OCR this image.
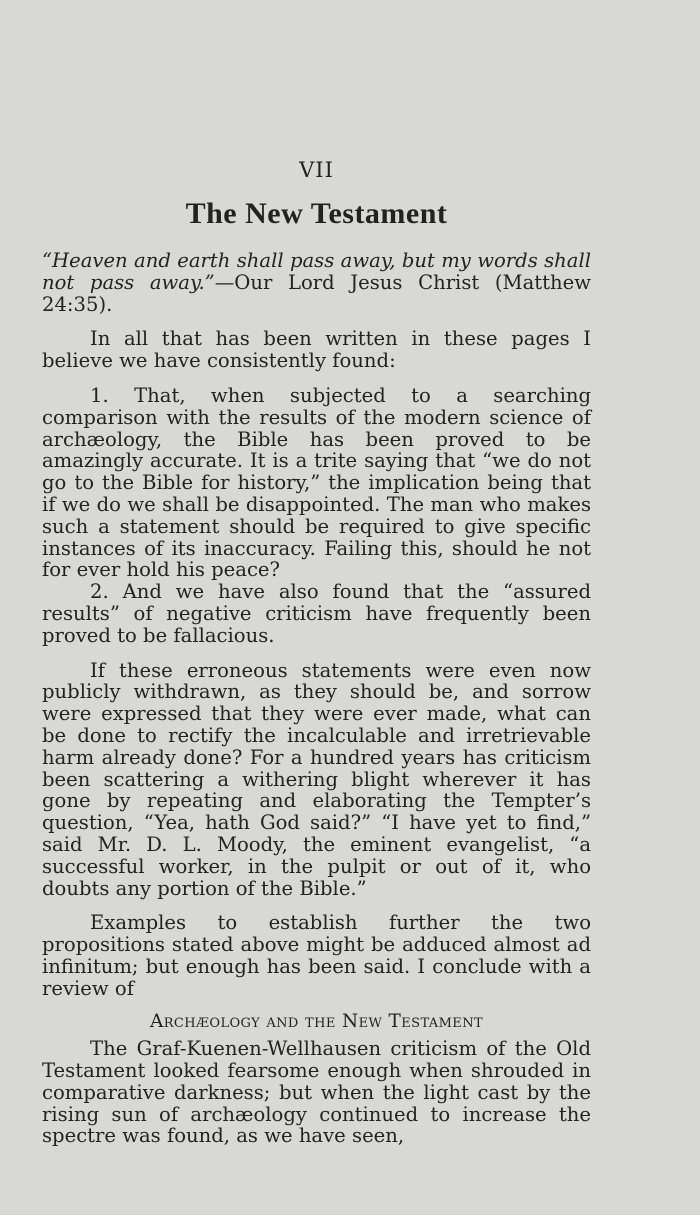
VII
The New Testament

“Heaven and earth shall pass away, but my words shall not pass away.”—Our Lord Jesus Christ (Matthew 24:35).

In all that has been written in these pages I believe we have consistently found:

1. That, when subjected to a searching comparison with the results of the modern science of archæology, the Bible has been proved to be amazingly accurate. It is a trite saying that “we do not go to the Bible for history,” the implication being that if we do we shall be disappointed. The man who makes such a statement should be required to give specific instances of its inaccuracy. Failing this, should he not for ever hold his peace?

2. And we have also found that the “assured results” of negative criticism have frequently been proved to be fallacious.

If these erroneous statements were even now publicly withdrawn, as they should be, and sorrow were expressed that they were ever made, what can be done to rectify the incalculable and irretrievable harm already done? For a hundred years has criticism been scattering a withering blight wherever it has gone by repeating and elaborating the Tempter’s question, “Yea, hath God said?” “I have yet to find,” said Mr. D. L. Moody, the eminent evangelist, “a successful worker, in the pulpit or out of it, who doubts any portion of the Bible.”

Examples to establish further the two propositions stated above might be adduced almost ad infinitum; but enough has been said. I conclude with a review of

Archæology and the New Testament

The Graf-Kuenen-Wellhausen criticism of the Old Testament looked fearsome enough when shrouded in comparative darkness; but when the light cast by the rising sun of archæology continued to increase the spectre was found, as we have seen,
